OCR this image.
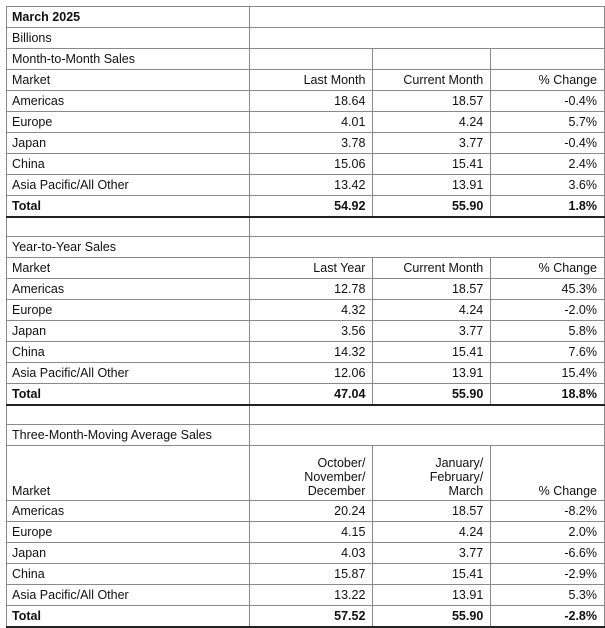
March 2025			
Billions			
Month-to-Month Sales			
Market	Last Month	Current Month	% Change
Americas	18.64	18.57	-0.4%
Europe	4.01	4.24	5.7%
Japan	3.78	3.77	-0.4%
China	15.06	15.41	2.4%
Asia Pacific/All Other	13.42	13.91	3.6%
Total	54.92	55.90	1.8%

Year-to-Year Sales			
Market	Last Year	Current Month	% Change
Americas	12.78	18.57	45.3%
Europe	4.32	4.24	-2.0%
Japan	3.56	3.77	5.8%
China	14.32	15.41	7.6%
Asia Pacific/All Other	12.06	13.91	15.4%
Total	47.04	55.90	18.8%

Three-Month-Moving Average Sales			
Market	October/
November/
December	January/
February/
March	% Change
Americas	20.24	18.57	-8.2%
Europe	4.15	4.24	2.0%
Japan	4.03	3.77	-6.6%
China	15.87	15.41	-2.9%
Asia Pacific/All Other	13.22	13.91	5.3%
Total	57.52	55.90	-2.8%
